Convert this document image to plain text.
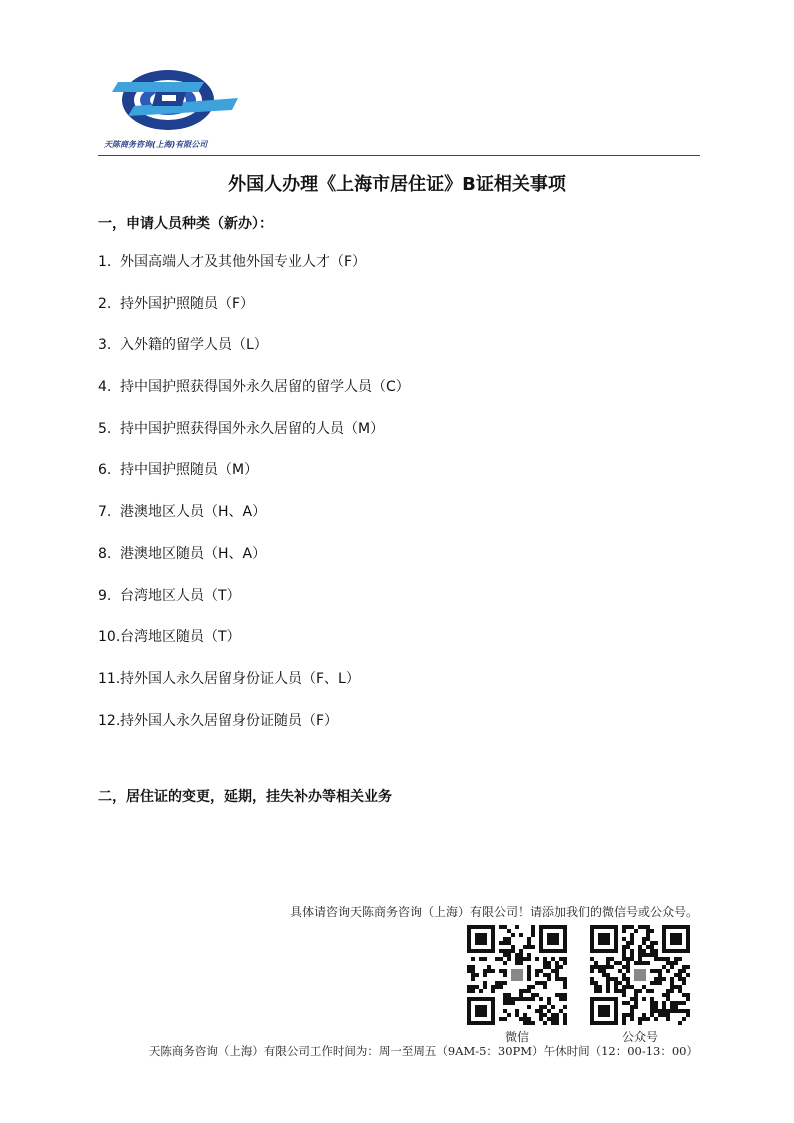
天陈商务咨询(上海)有限公司
外国人办理《上海市居住证》B证相关事项
一，申请人员种类（新办）：
1. 外国高端人才及其他外国专业人才（F）
2. 持外国护照随员（F）
3. 入外籍的留学人员（L）
4. 持中国护照获得国外永久居留的留学人员（C）
5. 持中国护照获得国外永久居留的人员（M）
6. 持中国护照随员（M）
7. 港澳地区人员（H、A）
8. 港澳地区随员（H、A）
9. 台湾地区人员（T）
10.台湾地区随员（T）
11.持外国人永久居留身份证人员（F、L）
12.持外国人永久居留身份证随员（F）
二，居住证的变更，延期，挂失补办等相关业务
具体请咨询天陈商务咨询（上海）有限公司！请添加我们的微信号或公众号。
微信	公众号
天陈商务咨询（上海）有限公司工作时间为：周一至周五（9AM-5：30PM）午休时间（12：00-13：00）
